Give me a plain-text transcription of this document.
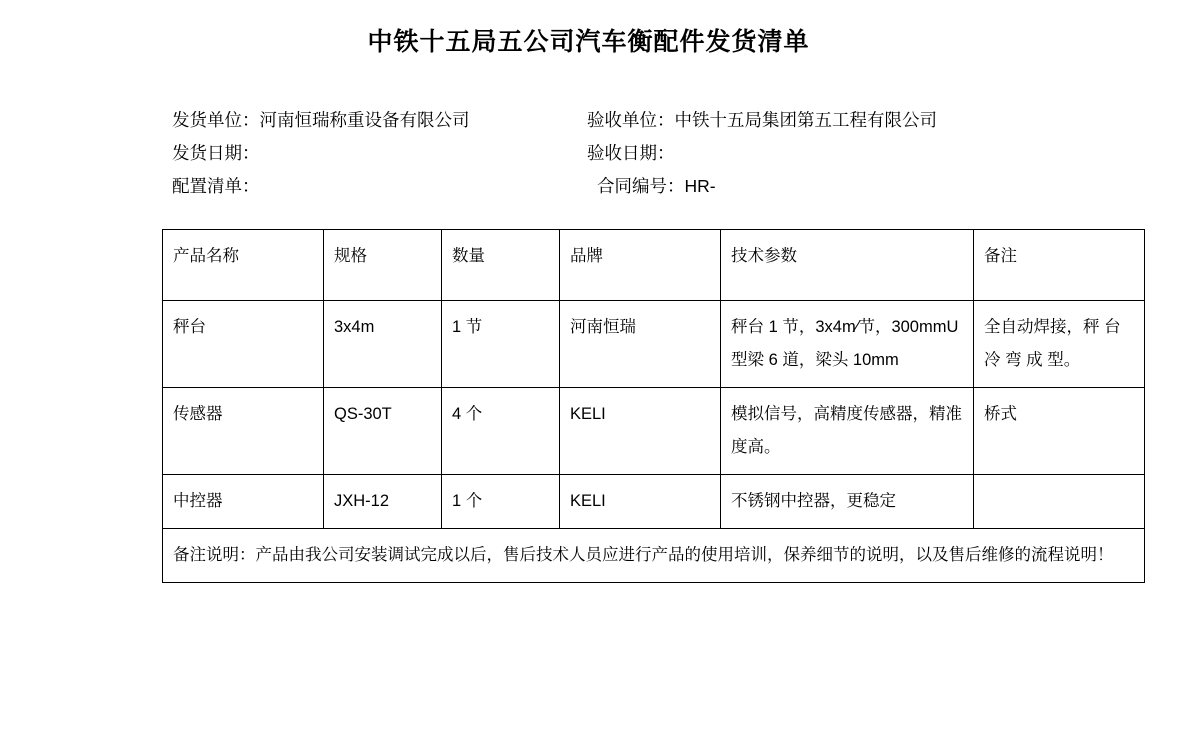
中铁十五局五公司汽车衡配件发货清单
发货单位：河南恒瑞称重设备有限公司	验收单位：中铁十五局集团第五工程有限公司
发货日期：	验收日期：
配置清单：	合同编号：HR-
产品名称	规格	数量	品牌	技术参数	备注
秤台	3x4m	1 节	河南恒瑞	秤台 1 节，3x4m∕节，300mmU 型梁 6 道，梁头 10mm	全自动焊接，秤 台 冷 弯 成 型。
传感器	QS-30T	4 个	KELI	模拟信号，高精度传感器，精准度高。	桥式
中控器	JXH-12	1 个	KELI	不锈钢中控器，更稳定	
备注说明：产品由我公司安装调试完成以后，售后技术人员应进行产品的使用培训，保养细节的说明，以及售后维修的流程说明！					
